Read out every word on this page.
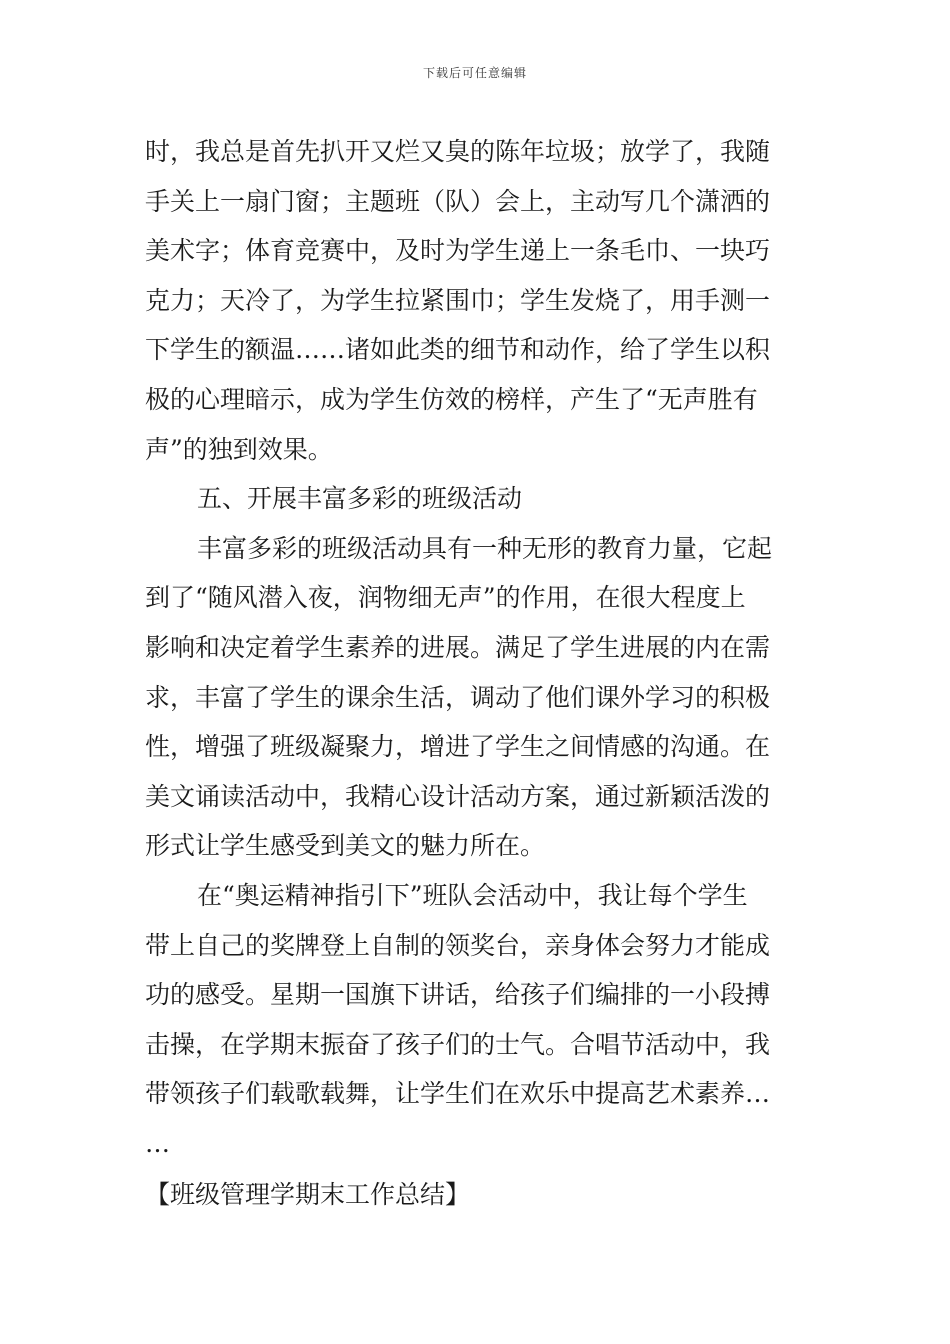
下载后可任意编辑
时，我总是首先扒开又烂又臭的陈年垃圾；放学了，我随
手关上一扇门窗；主题班（队）会上，主动写几个潇洒的
美术字；体育竞赛中，及时为学生递上一条毛巾、一块巧
克力；天冷了，为学生拉紧围巾；学生发烧了，用手测一
下学生的额温……诸如此类的细节和动作，给了学生以积
极的心理暗示，成为学生仿效的榜样，产生了“无声胜有
声”的独到效果。
五、开展丰富多彩的班级活动
丰富多彩的班级活动具有一种无形的教育力量，它起
到了“随风潜入夜，润物细无声”的作用，在很大程度上
影响和决定着学生素养的进展。满足了学生进展的内在需
求，丰富了学生的课余生活，调动了他们课外学习的积极
性，增强了班级凝聚力，增进了学生之间情感的沟通。在
美文诵读活动中，我精心设计活动方案，通过新颖活泼的
形式让学生感受到美文的魅力所在。
在“奥运精神指引下”班队会活动中，我让每个学生
带上自己的奖牌登上自制的领奖台，亲身体会努力才能成
功的感受。星期一国旗下讲话，给孩子们编排的一小段搏
击操，在学期末振奋了孩子们的士气。合唱节活动中，我
带领孩子们载歌载舞，让学生们在欢乐中提高艺术素养…
…
【班级管理学期末工作总结】
